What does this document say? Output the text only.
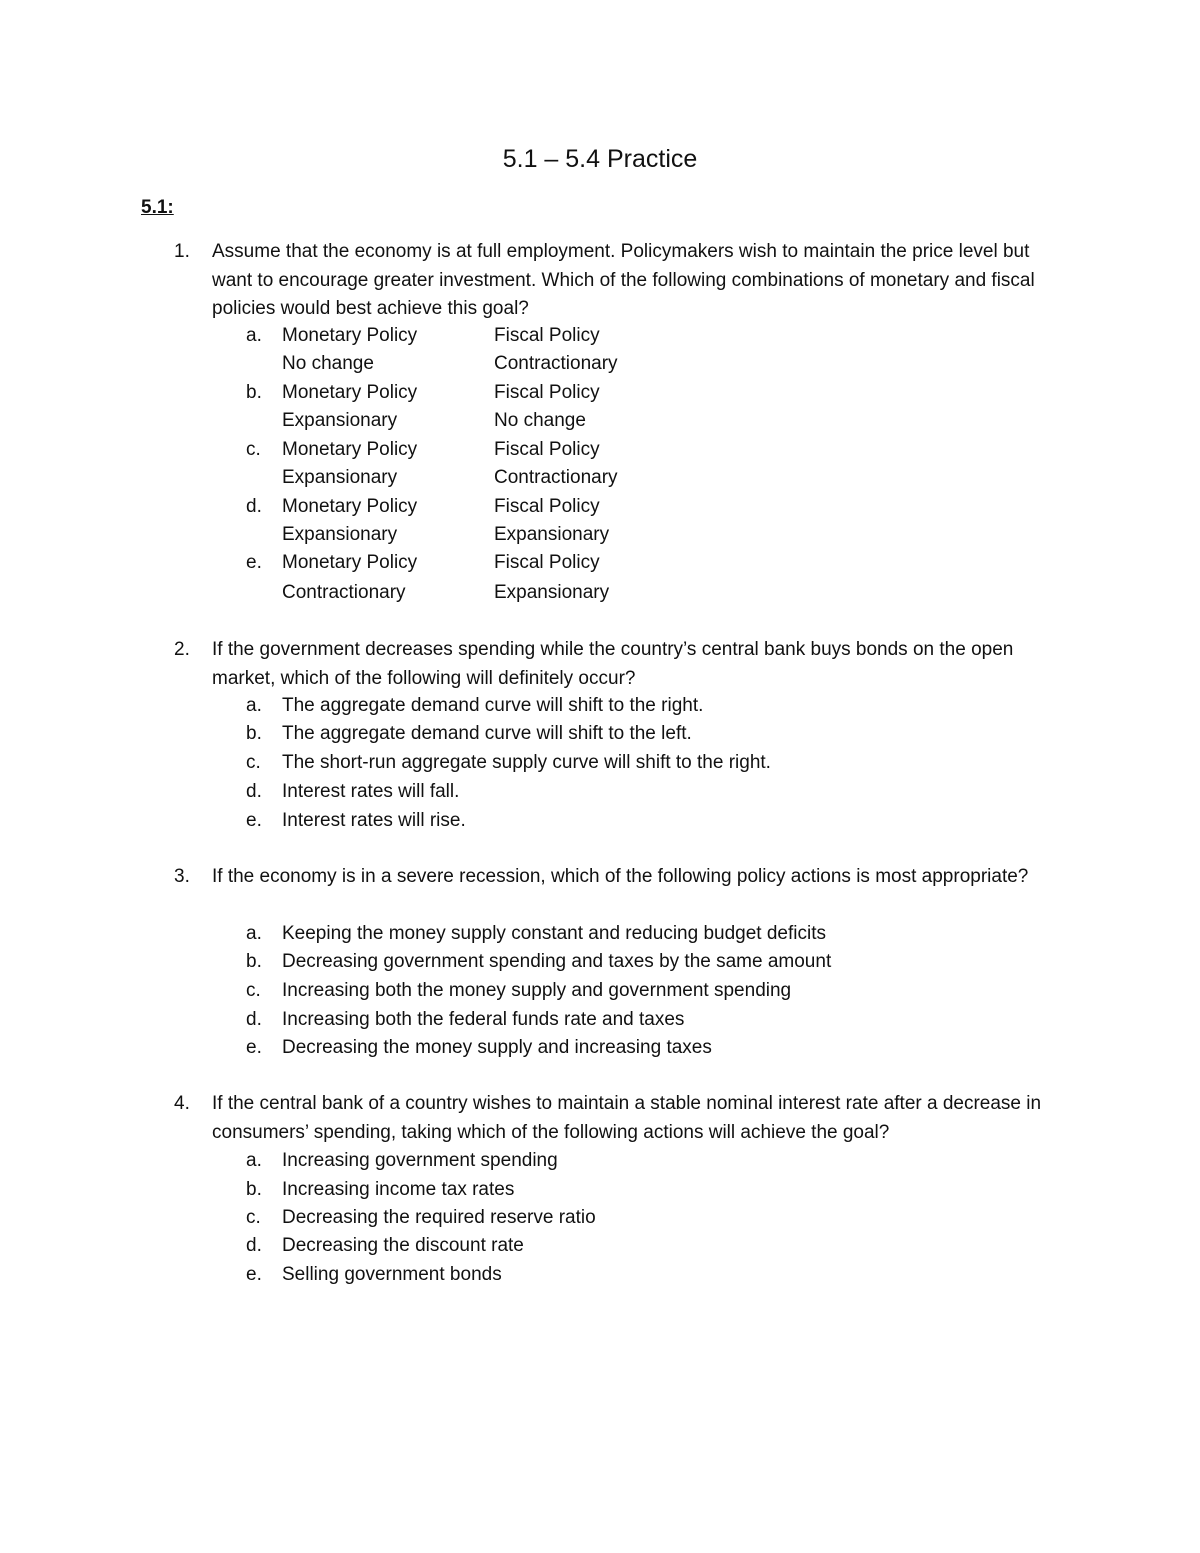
5.1 – 5.4 Practice
5.1:
1. Assume that the economy is at full employment. Policymakers wish to maintain the price level but want to encourage greater investment. Which of the following combinations of monetary and fiscal policies would best achieve this goal?
a. Monetary Policy	Fiscal Policy
No change	Contractionary
b. Monetary Policy	Fiscal Policy
Expansionary	No change
c. Monetary Policy	Fiscal Policy
Expansionary	Contractionary
d. Monetary Policy	Fiscal Policy
Expansionary	Expansionary
e. Monetary Policy	Fiscal Policy
Contractionary	Expansionary
2. If the government decreases spending while the country’s central bank buys bonds on the open market, which of the following will definitely occur?
a. The aggregate demand curve will shift to the right.
b. The aggregate demand curve will shift to the left.
c. The short-run aggregate supply curve will shift to the right.
d. Interest rates will fall.
e. Interest rates will rise.
3. If the economy is in a severe recession, which of the following policy actions is most appropriate?
a. Keeping the money supply constant and reducing budget deficits
b. Decreasing government spending and taxes by the same amount
c. Increasing both the money supply and government spending
d. Increasing both the federal funds rate and taxes
e. Decreasing the money supply and increasing taxes
4. If the central bank of a country wishes to maintain a stable nominal interest rate after a decrease in consumers’ spending, taking which of the following actions will achieve the goal?
a. Increasing government spending
b. Increasing income tax rates
c. Decreasing the required reserve ratio
d. Decreasing the discount rate
e. Selling government bonds
